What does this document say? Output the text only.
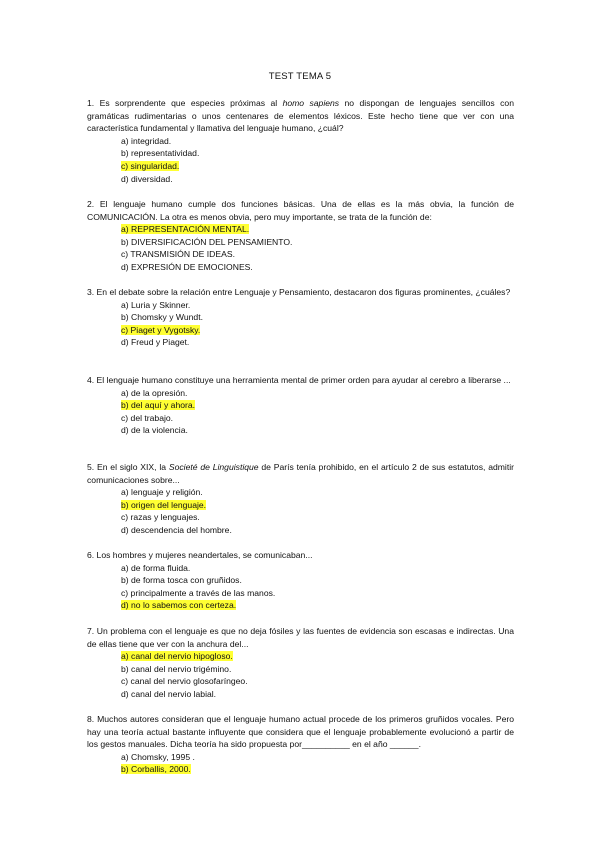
TEST TEMA 5

1. Es sorprendente que especies próximas al homo sapiens no dispongan de lenguajes sencillos con gramáticas rudimentarias o unos centenares de elementos léxicos. Este hecho tiene que ver con una característica fundamental y llamativa del lenguaje humano, ¿cuál?

a) integridad.
b) representatividad.
c) singularidad.
d) diversidad.

2. El lenguaje humano cumple dos funciones básicas. Una de ellas es la más obvia, la función de COMUNICACIÓN. La otra es menos obvia, pero muy importante, se trata de la función de:

a) REPRESENTACIÓN MENTAL.
b) DIVERSIFICACIÓN DEL PENSAMIENTO.
c) TRANSMISIÓN DE IDEAS.
d) EXPRESIÓN DE EMOCIONES.

3. En el debate sobre la relación entre Lenguaje y Pensamiento, destacaron dos figuras prominentes, ¿cuáles?

a) Luria y Skinner.
b) Chomsky y Wundt.
c) Piaget y Vygotsky.
d) Freud y Piaget.

4. El lenguaje humano constituye una herramienta mental de primer orden para ayudar al cerebro a liberarse ...

a) de la opresión.
b) del aquí y ahora.
c) del trabajo.
d) de la violencia.

5. En el siglo XIX, la Societé de Linguistique de París tenía prohibido, en el artículo 2 de sus estatutos, admitir comunicaciones sobre...

a) lenguaje y religión.
b) origen del lenguaje.
c) razas y lenguajes.
d) descendencia del hombre.

6. Los hombres y mujeres neandertales, se comunicaban...

a) de forma fluida.
b) de forma tosca con gruñidos.
c) principalmente a través de las manos.
d) no lo sabemos con certeza.

7. Un problema con el lenguaje es que no deja fósiles y las fuentes de evidencia son escasas e indirectas. Una de ellas tiene que ver con la anchura del...

a) canal del nervio hipogloso.
b) canal del nervio trigémino.
c) canal del nervio glosofaríngeo.
d) canal del nervio labial.

8. Muchos autores consideran que el lenguaje humano actual procede de los primeros gruñidos vocales. Pero hay una teoría actual bastante influyente que considera que el lenguaje probablemente evolucionó a partir de los gestos manuales. Dicha teoría ha sido propuesta por__________ en el año ______.

a) Chomsky, 1995 .
b) Corballis, 2000.
